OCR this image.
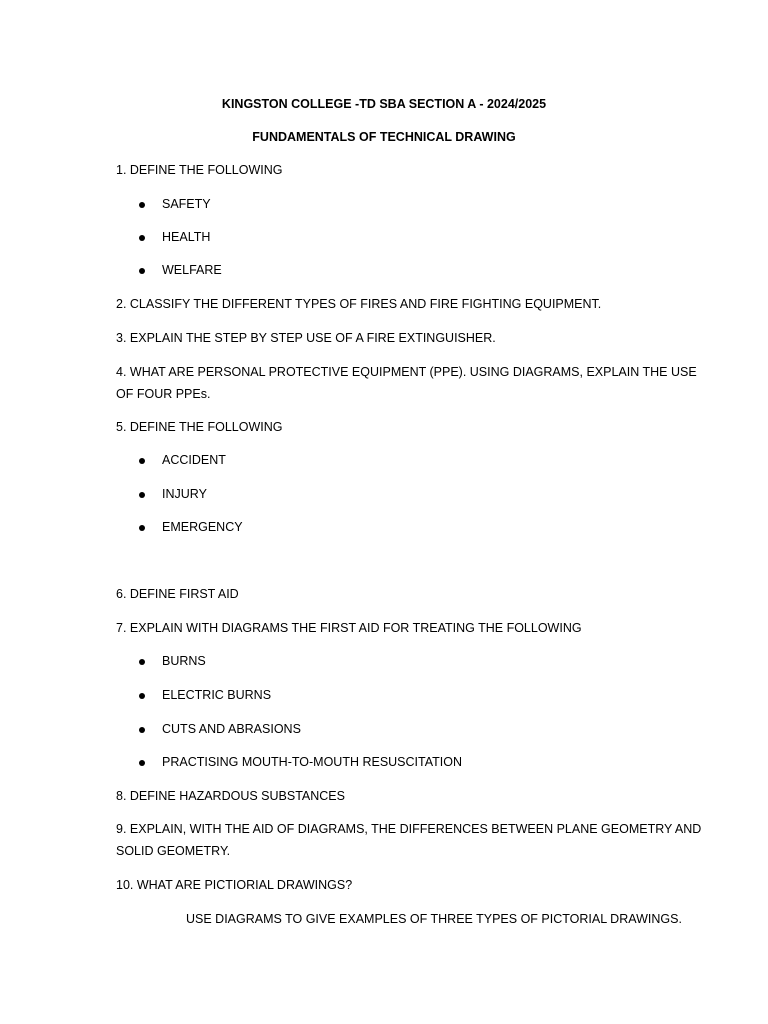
KINGSTON COLLEGE -TD SBA SECTION A - 2024/2025
FUNDAMENTALS OF TECHNICAL DRAWING
1. DEFINE THE FOLLOWING
SAFETY
HEALTH
WELFARE
2. CLASSIFY THE DIFFERENT TYPES OF FIRES AND FIRE FIGHTING EQUIPMENT.
3. EXPLAIN THE STEP BY STEP USE OF A FIRE EXTINGUISHER.
4. WHAT ARE PERSONAL PROTECTIVE EQUIPMENT (PPE). USING DIAGRAMS, EXPLAIN THE USE
OF FOUR PPEs.
5. DEFINE THE FOLLOWING
ACCIDENT
INJURY
EMERGENCY
6. DEFINE FIRST AID
7. EXPLAIN WITH DIAGRAMS THE FIRST AID FOR TREATING THE FOLLOWING
BURNS
ELECTRIC BURNS
CUTS AND ABRASIONS
PRACTISING MOUTH-TO-MOUTH RESUSCITATION
8. DEFINE HAZARDOUS SUBSTANCES
9. EXPLAIN, WITH THE AID OF DIAGRAMS, THE DIFFERENCES BETWEEN PLANE GEOMETRY AND
SOLID GEOMETRY.
10. WHAT ARE PICTIORIAL DRAWINGS?
USE DIAGRAMS TO GIVE EXAMPLES OF THREE TYPES OF PICTORIAL DRAWINGS.
